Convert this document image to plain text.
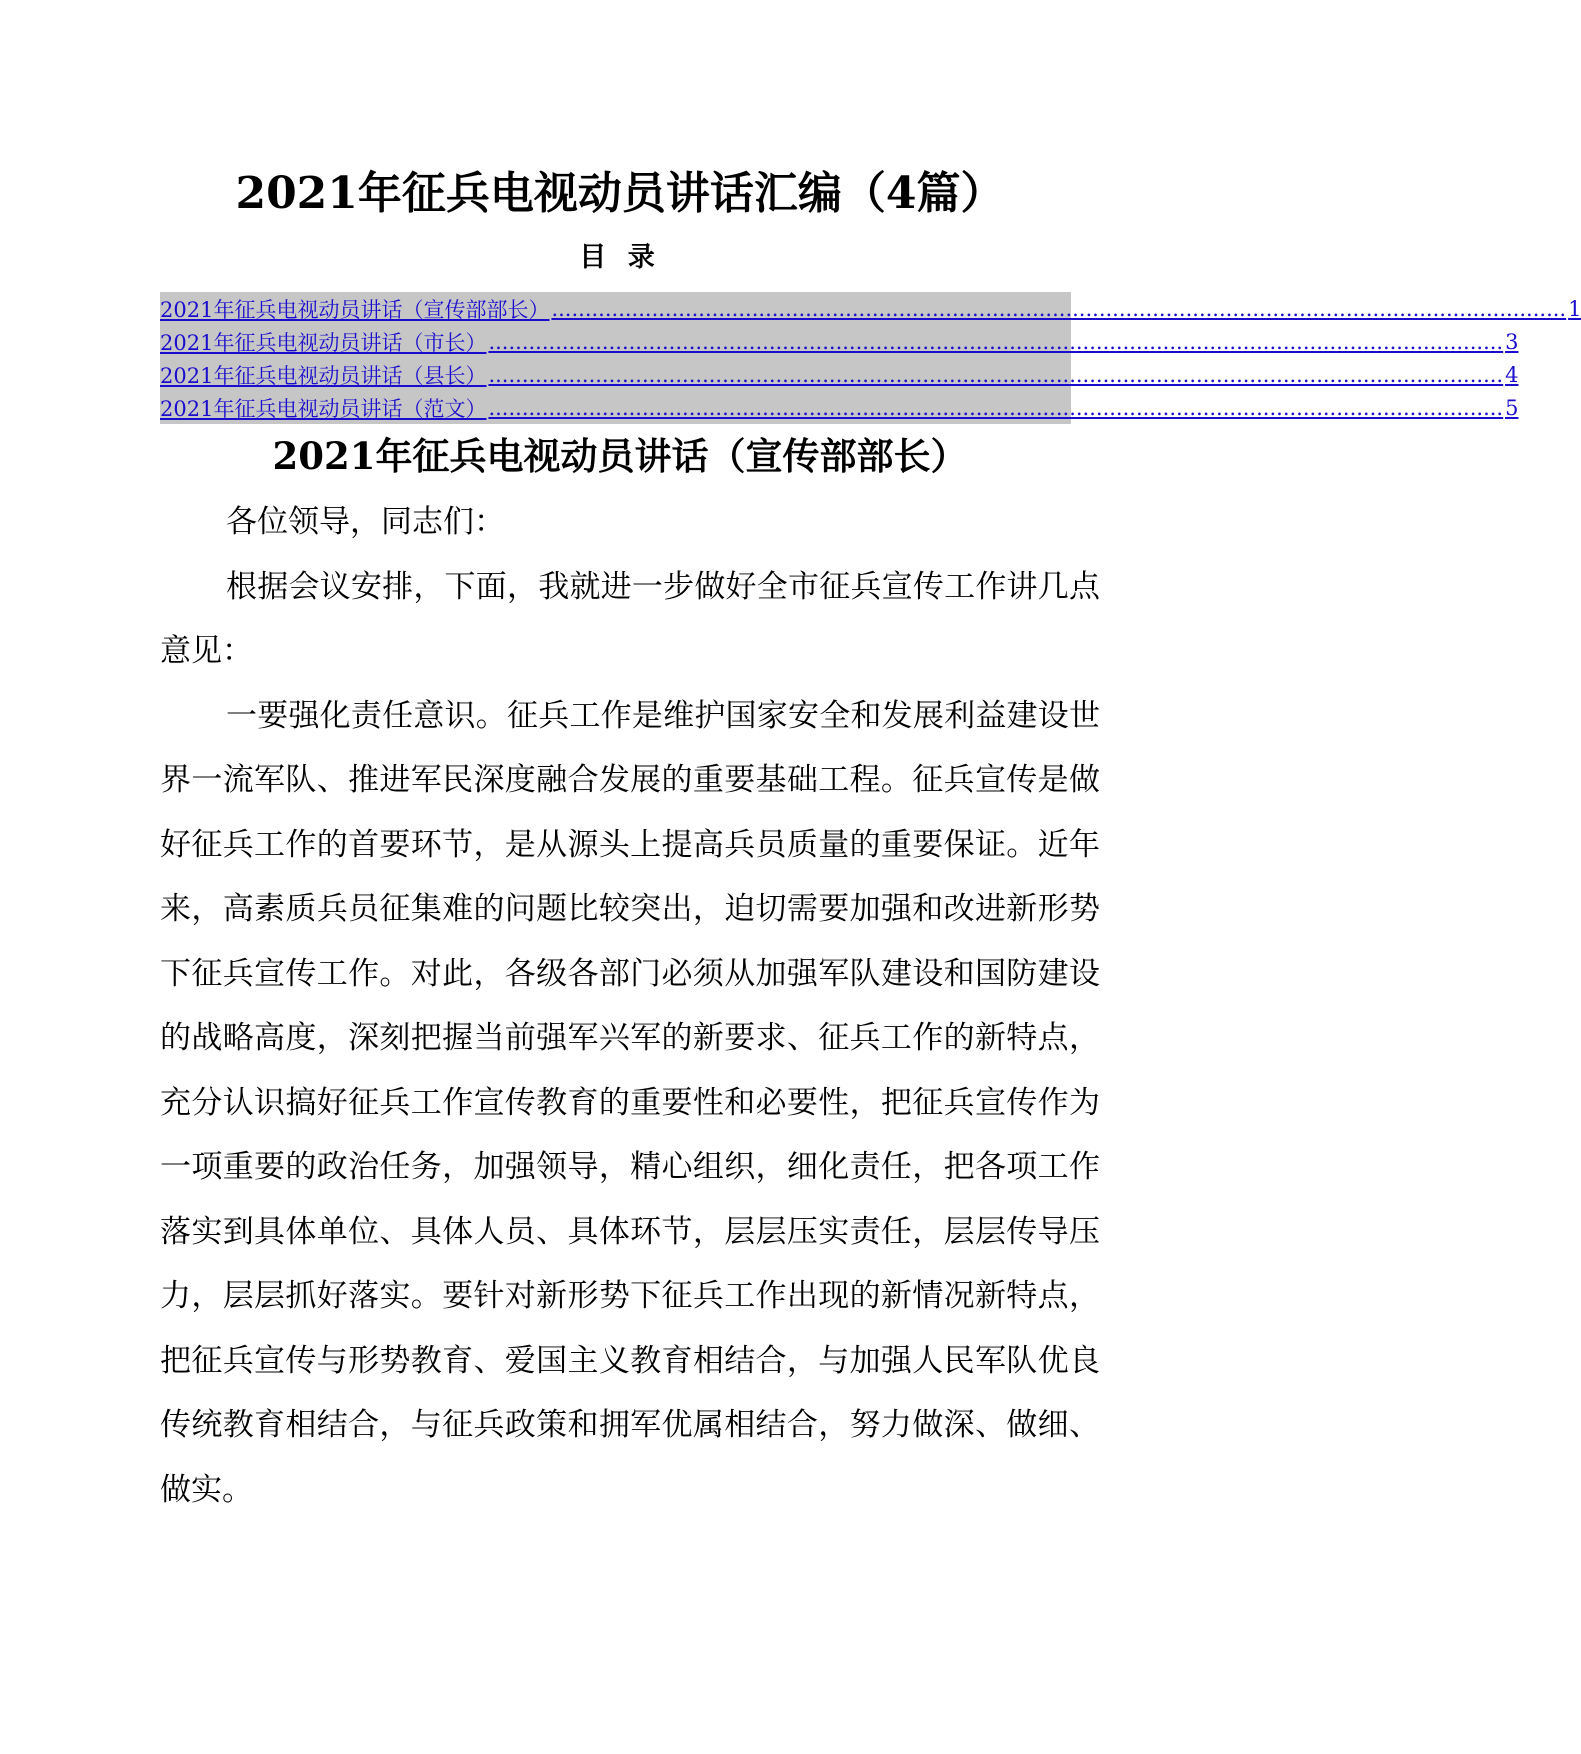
2021年征兵电视动员讲话汇编（4篇）
目 录
2021年征兵电视动员讲话（宣传部部长） ........................................................................................................................................................ 1
2021年征兵电视动员讲话（市长） ........................................................................................................................................................ 3
2021年征兵电视动员讲话（县长） ........................................................................................................................................................ 4
2021年征兵电视动员讲话（范文） ........................................................................................................................................................ 5
2021年征兵电视动员讲话（宣传部部长）

各位领导，同志们：

根据会议安排，下面，我就进一步做好全市征兵宣传工作讲几点意见：

一要强化责任意识。征兵工作是维护国家安全和发展利益建设世界一流军队、推进军民深度融合发展的重要基础工程。征兵宣传是做好征兵工作的首要环节，是从源头上提高兵员质量的重要保证。近年来，高素质兵员征集难的问题比较突出，迫切需要加强和改进新形势下征兵宣传工作。对此，各级各部门必须从加强军队建设和国防建设的战略高度，深刻把握当前强军兴军的新要求、征兵工作的新特点，充分认识搞好征兵工作宣传教育的重要性和必要性，把征兵宣传作为一项重要的政治任务，加强领导，精心组织，细化责任，把各项工作落实到具体单位、具体人员、具体环节，层层压实责任，层层传导压力，层层抓好落实。要针对新形势下征兵工作出现的新情况新特点，把征兵宣传与形势教育、爱国主义教育相结合，与加强人民军队优良传统教育相结合，与征兵政策和拥军优属相结合，努力做深、做细、做实。
